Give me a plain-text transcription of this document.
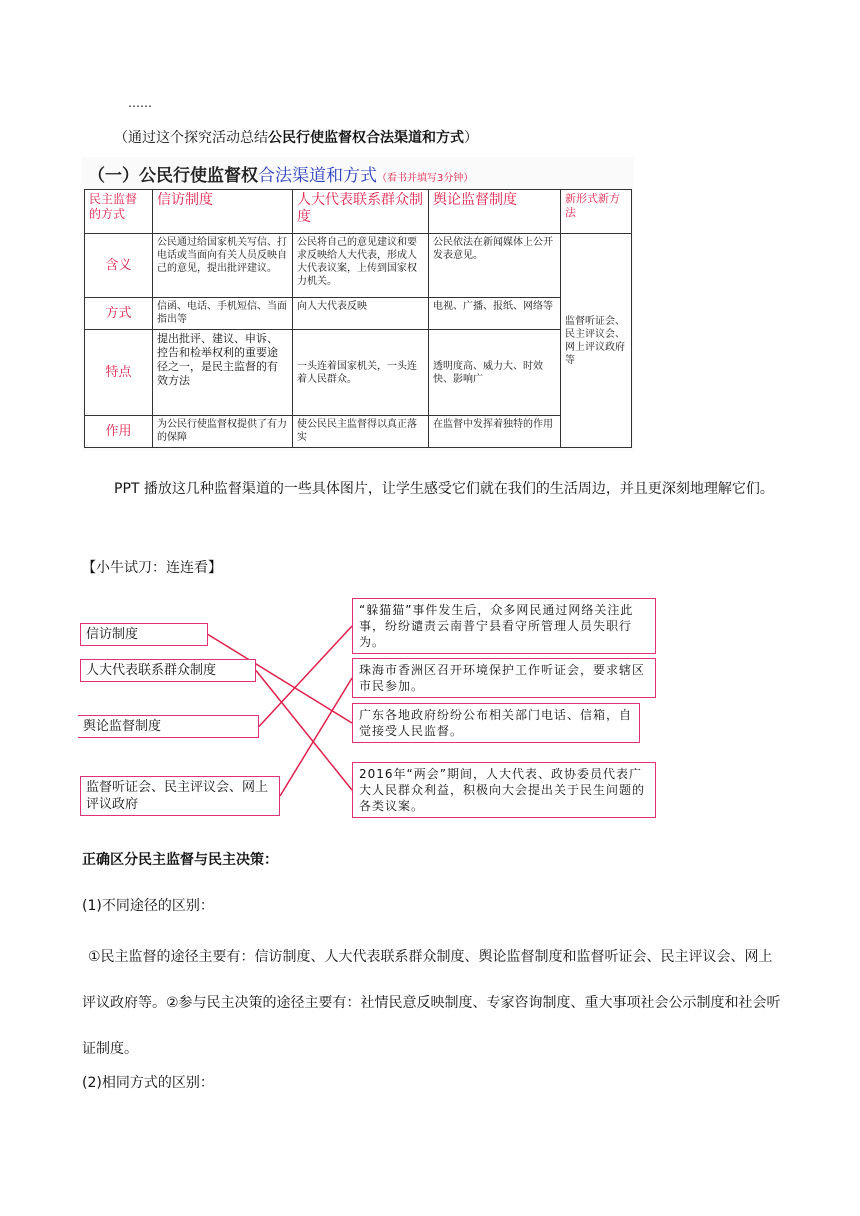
……
（通过这个探究活动总结公民行使监督权合法渠道和方式）
（一）公民行使监督权合法渠道和方式（看书并填写3分钟）
民主监督的方式	信访制度	人大代表联系群众制度	舆论监督制度	新形式新方法
含义	公民通过给国家机关写信、打电话或当面向有关人员反映自己的意见，提出批评建议。	公民将自己的意见建议和要求反映给人大代表，形成人大代表议案，上传到国家权力机关。	公民依法在新闻媒体上公开发表意见。	监督听证会、民主评议会、网上评议政府等
方式	信函、电话、手机短信、当面指出等	向人大代表反映	电视、广播、报纸、网络等	
特点	提出批评、建议、申诉、控告和检举权利的重要途径之一，是民主监督的有效方法	一头连着国家机关，一头连着人民群众。	透明度高、威力大、时效快、影响广	
作用	为公民行使监督权提供了有力的保障	使公民民主监督得以真正落实	在监督中发挥着独特的作用	
PPT 播放这几种监督渠道的一些具体图片，让学生感受它们就在我们的生活周边，并且更深刻地理解它们。
【小牛试刀：连连看】
信访制度
人大代表联系群众制度
舆论监督制度
监督听证会、民主评议会、网上评议政府
“躲猫猫”事件发生后，众多网民通过网络关注此事，纷纷谴责云南普宁县看守所管理人员失职行为。
珠海市香洲区召开环境保护工作听证会，要求辖区市民参加。
广东各地政府纷纷公布相关部门电话、信箱，自觉接受人民监督。
2016年“两会”期间，人大代表、政协委员代表广大人民群众利益，积极向大会提出关于民生问题的各类议案。
正确区分民主监督与民主决策：
(1)不同途径的区别：
①民主监督的途径主要有：信访制度、人大代表联系群众制度、舆论监督制度和监督听证会、民主评议会、网上评议政府等。②参与民主决策的途径主要有：社情民意反映制度、专家咨询制度、重大事项社会公示制度和社会听证制度。
(2)相同方式的区别：
